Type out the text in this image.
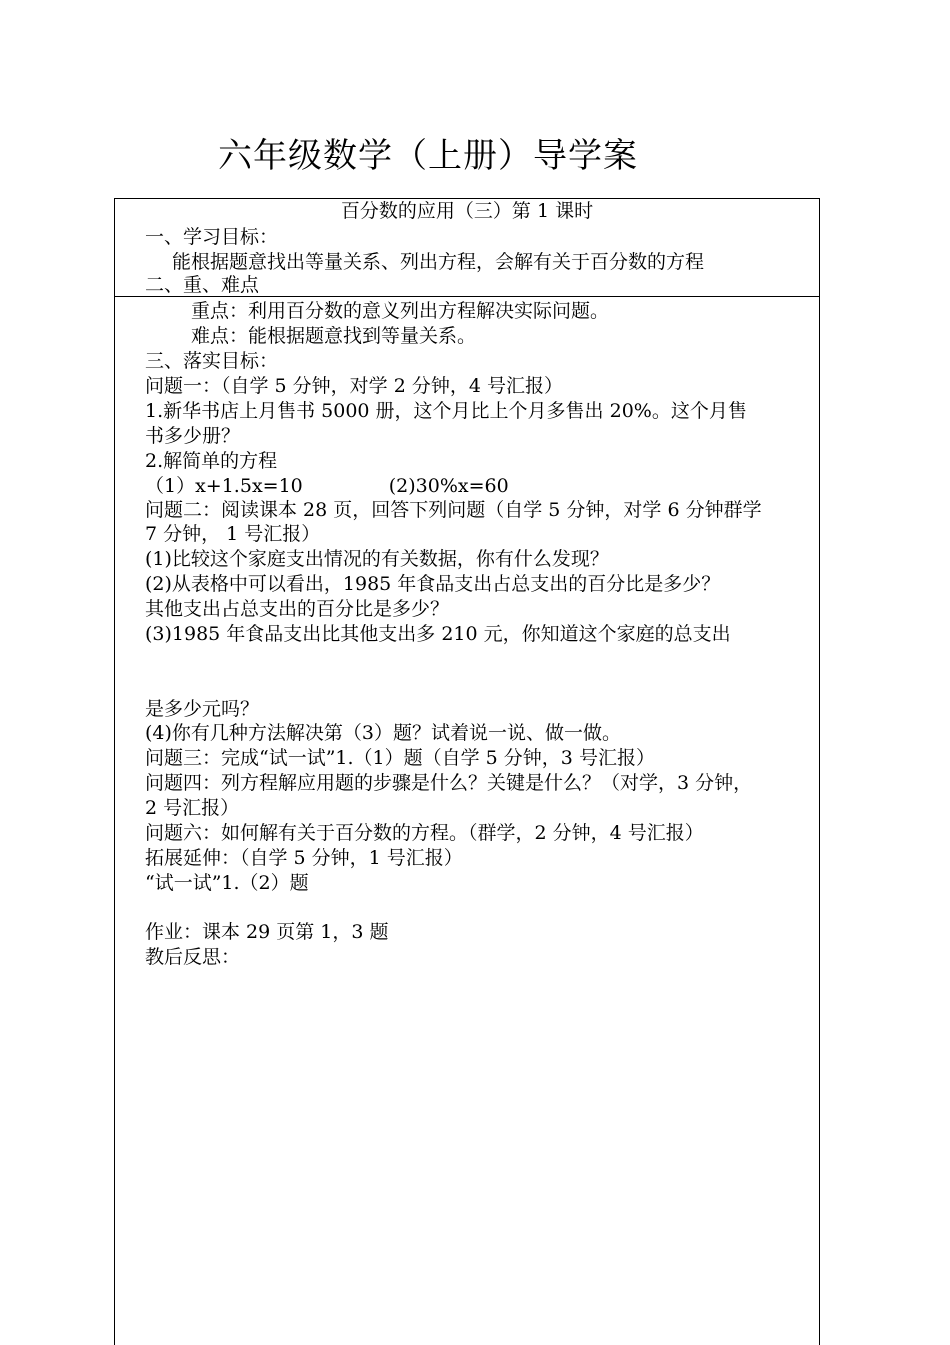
六年级数学（上册）导学案
百分数的应用（三）第 1 课时
一、学习目标：
能根据题意找出等量关系、列出方程，会解有关于百分数的方程
二、重、难点
重点：利用百分数的意义列出方程解决实际问题。
难点：能根据题意找到等量关系。
三、落实目标：
问题一：（自学 5 分钟，对学 2 分钟，4 号汇报）
1.新华书店上月售书 5000 册，这个月比上个月多售出 20%。这个月售
书多少册？
2.解简单的方程
（1）x+1.5x=10	(2)30%x=60
问题二：阅读课本 28 页，回答下列问题（自学 5 分钟，对学 6 分钟群学
7 分钟， 1 号汇报）
(1)比较这个家庭支出情况的有关数据，你有什么发现？
(2)从表格中可以看出，1985 年食品支出占总支出的百分比是多少？
其他支出占总支出的百分比是多少？
(3)1985 年食品支出比其他支出多 210 元，你知道这个家庭的总支出
是多少元吗？
(4)你有几种方法解决第（3）题？试着说一说、做一做。
问题三：完成“试一试”1.（1）题（自学 5 分钟，3 号汇报）
问题四：列方程解应用题的步骤是什么？关键是什么？（对学，3 分钟，
2 号汇报）
问题六：如何解有关于百分数的方程。（群学，2 分钟，4 号汇报）
拓展延伸：（自学 5 分钟，1 号汇报）
“试一试”1.（2）题
作业：课本 29 页第 1，3 题
教后反思：
